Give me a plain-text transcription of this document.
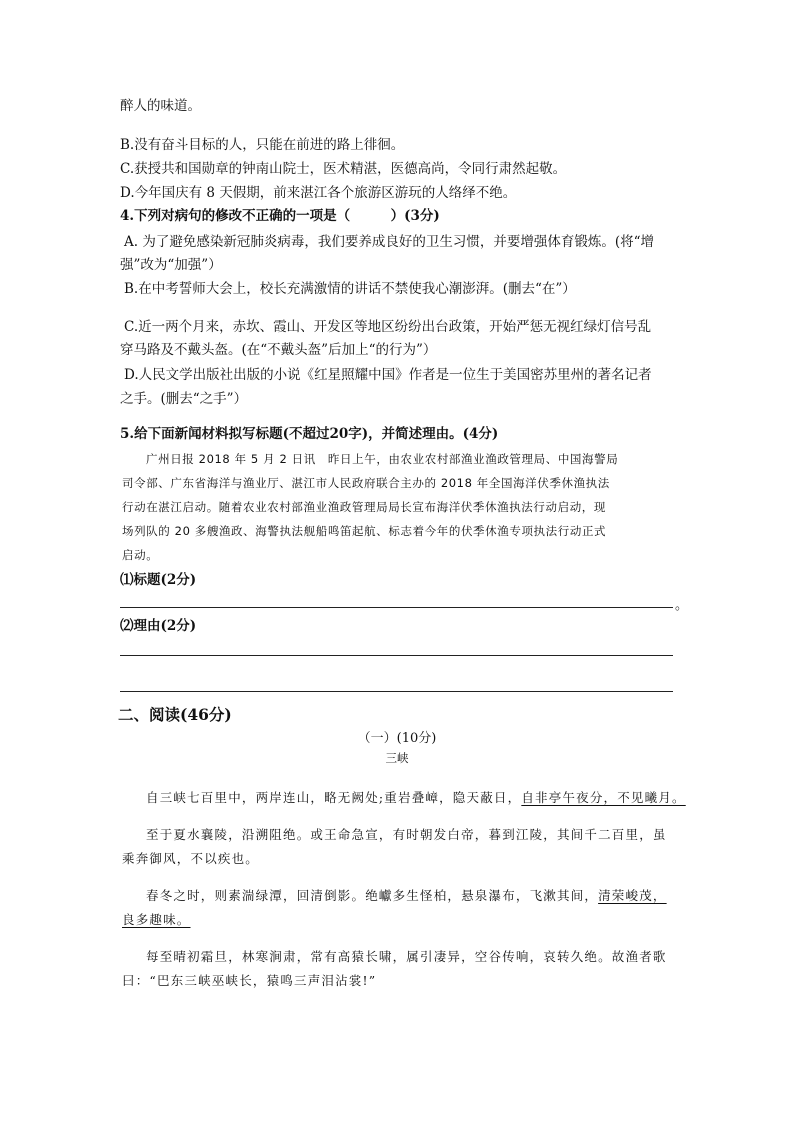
醉人的味道。
B.没有奋斗目标的人，只能在前进的路上徘徊。
C.获授共和国勋章的钟南山院士，医术精湛，医德高尚，令同行肃然起敬。
D.今年国庆有 8 天假期，前来湛江各个旅游区游玩的人络绎不绝。
4.下列对病句的修改不正确的一项是（　　　）(3分)
A. 为了避免感染新冠肺炎病毒，我们要养成良好的卫生习惯，并要增强体育锻炼。(将“增
强”改为“加强”）
B.在中考誓师大会上，校长充满激情的讲话不禁使我心潮澎湃。(删去“在”）
C.近一两个月来，赤坎、霞山、开发区等地区纷纷出台政策，开始严惩无视红绿灯信号乱
穿马路及不戴头盔。(在“不戴头盔”后加上“的行为”）
D.人民文学出版社出版的小说《红星照耀中国》作者是一位生于美国密苏里州的著名记者
之手。(删去“之手”）
5.给下面新闻材料拟写标题(不超过20字)，并简述理由。(4分)
广州日报 2018 年 5 月 2 日讯　昨日上午，由农业农村部渔业渔政管理局、中国海警局
司令部、广东省海洋与渔业厅、湛江市人民政府联合主办的 2018 年全国海洋伏季休渔执法
行动在湛江启动。随着农业农村部渔业渔政管理局局长宣布海洋伏季休渔执法行动启动，现
场列队的 20 多艘渔政、海警执法舰船鸣笛起航、标志着今年的伏季休渔专项执法行动正式
启动。
⑴标题(2分)
。
⑵理由(2分)
二、阅读(46分)
（一）(10分)
三峡
自三峡七百里中，两岸连山，略无阙处;重岩叠嶂，隐天蔽日，自非亭午夜分，不见曦月。
至于夏水襄陵，沿溯阻绝。或王命急宣，有时朝发白帝，暮到江陵，其间千二百里，虽
乘奔御风，不以疾也。
春冬之时，则素湍绿潭，回清倒影。绝巘多生怪柏，悬泉瀑布，飞漱其间，清荣峻茂，
良多趣味。
每至晴初霜旦，林寒涧肃，常有高猿长啸，属引凄异，空谷传响，哀转久绝。故渔者歌
曰：“巴东三峡巫峡长，猿鸣三声泪沾裳!”
